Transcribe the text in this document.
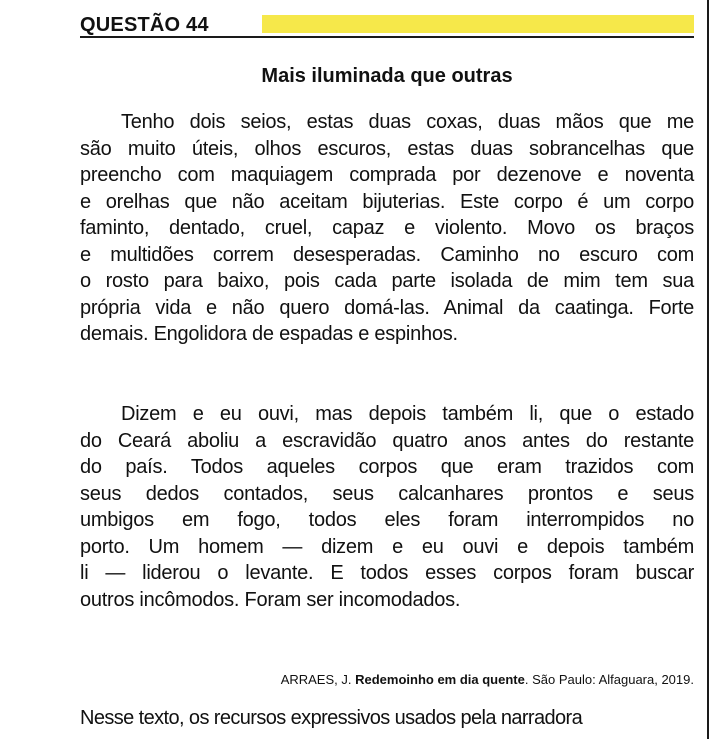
QUESTÃO 44
Mais iluminada que outras
Tenho dois seios, estas duas coxas, duas mãos que me
são muito úteis, olhos escuros, estas duas sobrancelhas que
preencho com maquiagem comprada por dezenove e noventa
e orelhas que não aceitam bijuterias. Este corpo é um corpo
faminto, dentado, cruel, capaz e violento. Movo os braços
e multidões correm desesperadas. Caminho no escuro com
o rosto para baixo, pois cada parte isolada de mim tem sua
própria vida e não quero domá-las. Animal da caatinga. Forte
demais. Engolidora de espadas e espinhos.
Dizem e eu ouvi, mas depois também li, que o estado
do Ceará aboliu a escravidão quatro anos antes do restante
do país. Todos aqueles corpos que eram trazidos com
seus dedos contados, seus calcanhares prontos e seus
umbigos em fogo, todos eles foram interrompidos no
porto. Um homem — dizem e eu ouvi e depois também
li — liderou o levante. E todos esses corpos foram buscar
outros incômodos. Foram ser incomodados.
ARRAES, J. Redemoinho em dia quente. São Paulo: Alfaguara, 2019.
Nesse texto, os recursos expressivos usados pela narradora
